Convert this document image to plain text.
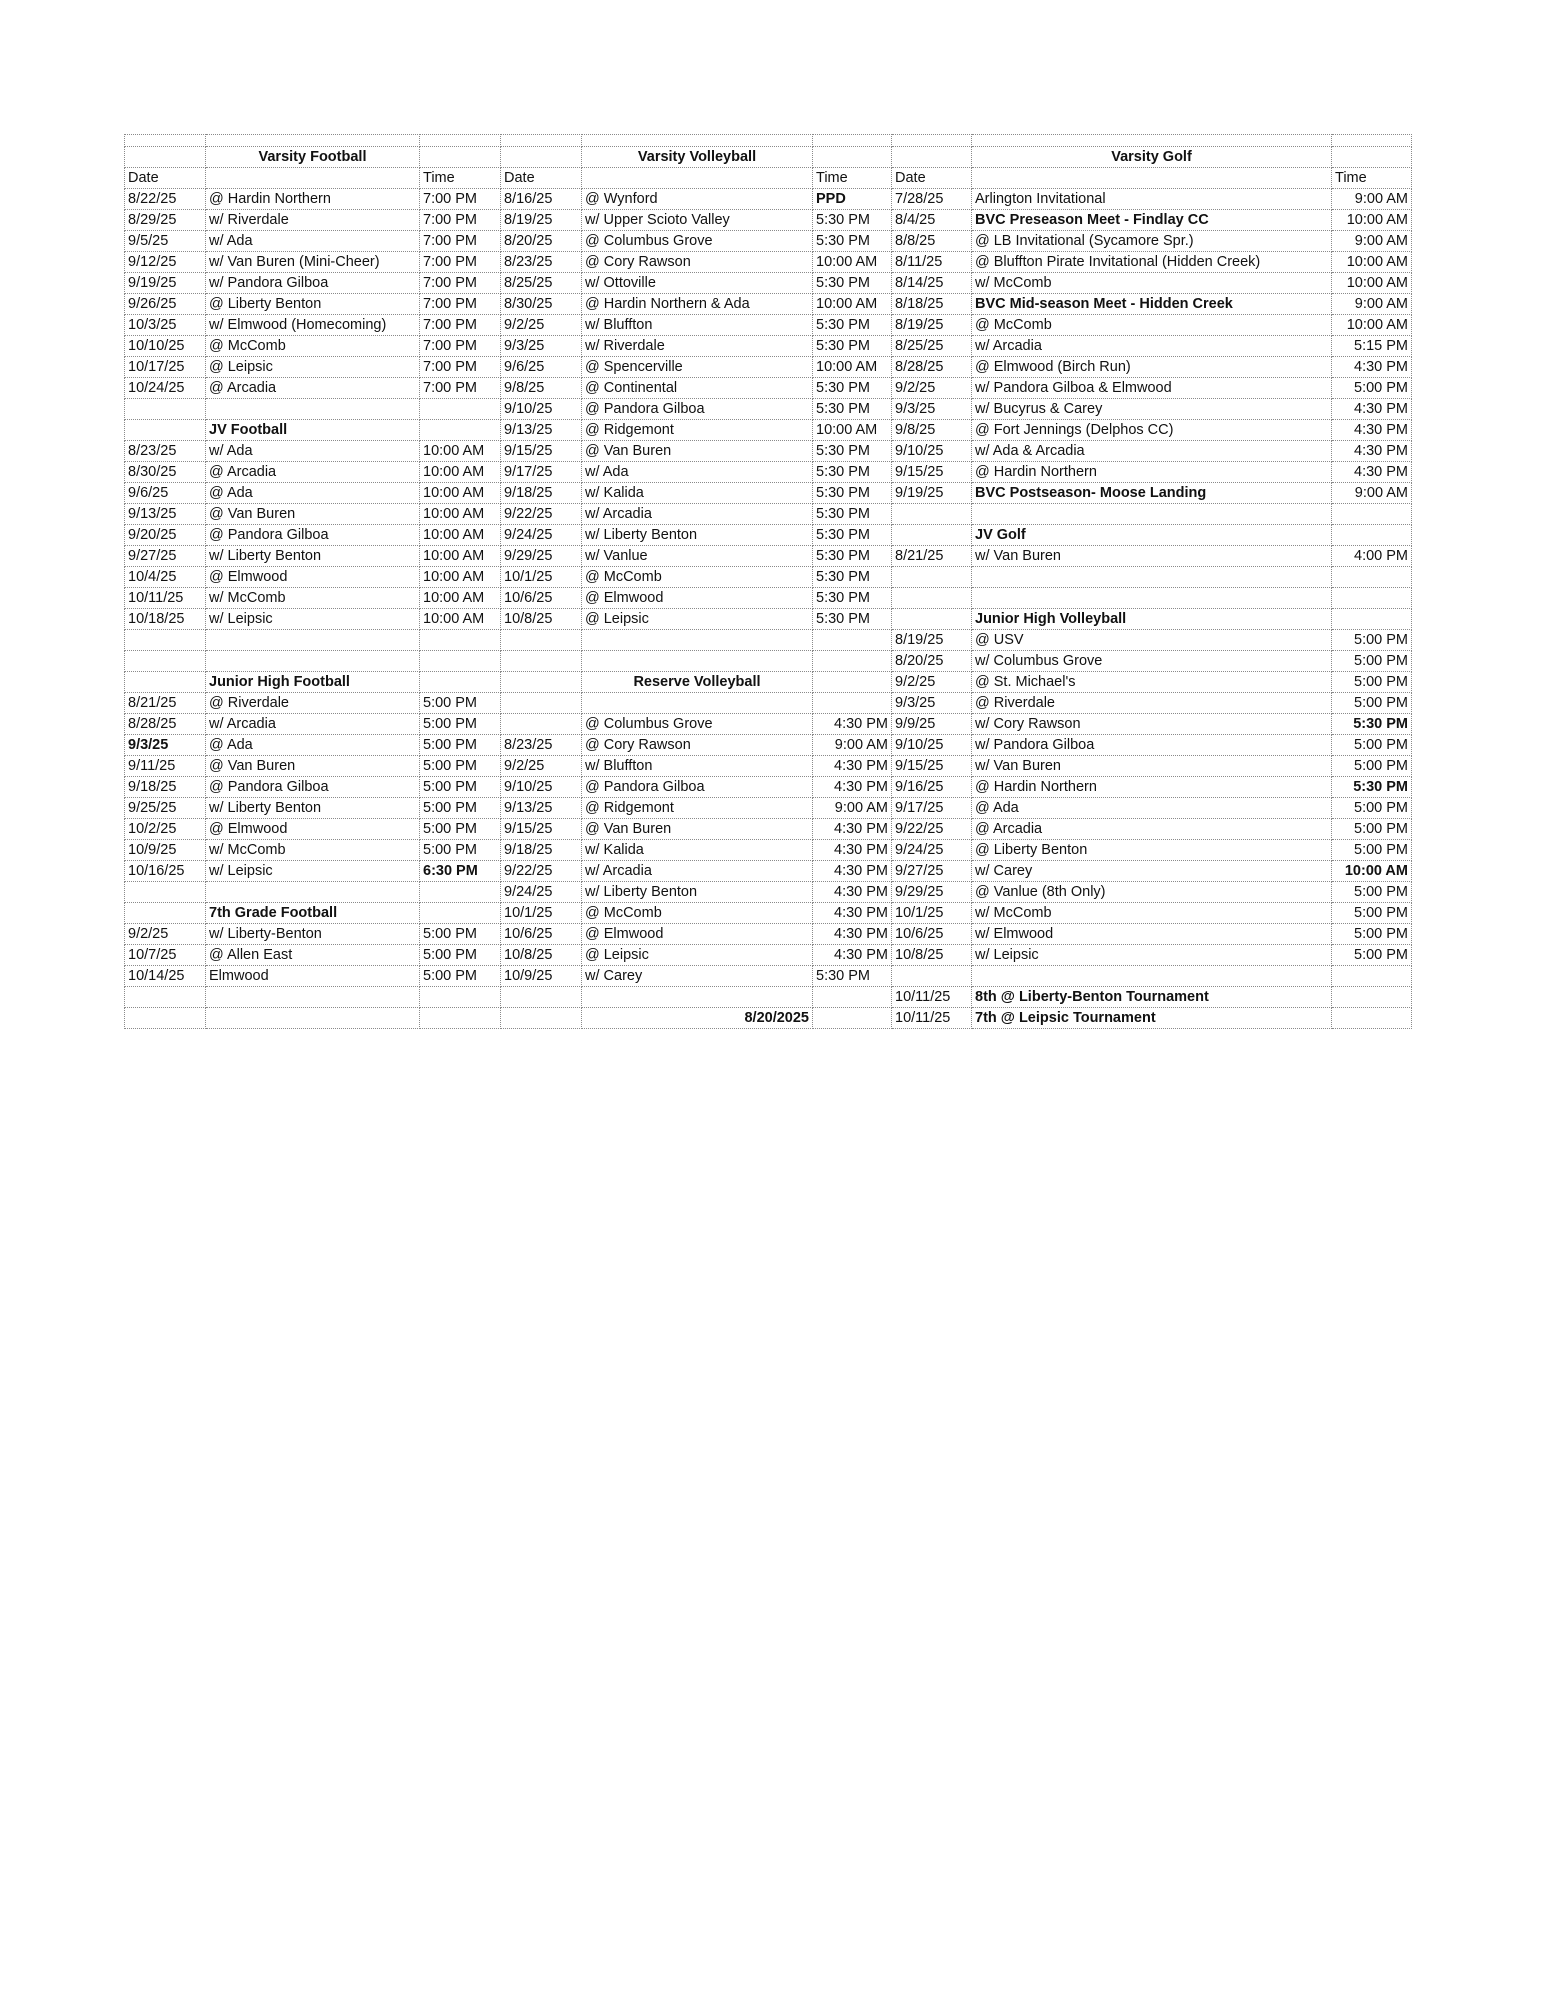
	Varsity Football			Varsity Volleyball			Varsity Golf	
Date		Time	Date		Time	Date		Time
8/22/25	@ Hardin Northern	7:00 PM	8/16/25	@ Wynford	PPD	7/28/25	Arlington Invitational	9:00 AM
8/29/25	w/ Riverdale	7:00 PM	8/19/25	w/ Upper Scioto Valley	5:30 PM	8/4/25	BVC Preseason Meet - Findlay CC	10:00 AM
9/5/25	w/ Ada	7:00 PM	8/20/25	@ Columbus Grove	5:30 PM	8/8/25	@ LB Invitational (Sycamore Spr.)	9:00 AM
9/12/25	w/ Van Buren (Mini-Cheer)	7:00 PM	8/23/25	@ Cory Rawson	10:00 AM	8/11/25	@ Bluffton Pirate Invitational (Hidden Creek)	10:00 AM
9/19/25	w/ Pandora Gilboa	7:00 PM	8/25/25	w/ Ottoville	5:30 PM	8/14/25	w/ McComb	10:00 AM
9/26/25	@ Liberty Benton	7:00 PM	8/30/25	@ Hardin Northern & Ada	10:00 AM	8/18/25	BVC Mid-season Meet - Hidden Creek	9:00 AM
10/3/25	w/ Elmwood (Homecoming)	7:00 PM	9/2/25	w/ Bluffton	5:30 PM	8/19/25	@ McComb	10:00 AM
10/10/25	@ McComb	7:00 PM	9/3/25	w/ Riverdale	5:30 PM	8/25/25	w/ Arcadia	5:15 PM
10/17/25	@ Leipsic	7:00 PM	9/6/25	@ Spencerville	10:00 AM	8/28/25	@ Elmwood (Birch Run)	4:30 PM
10/24/25	@ Arcadia	7:00 PM	9/8/25	@ Continental	5:30 PM	9/2/25	w/ Pandora Gilboa & Elmwood	5:00 PM
			9/10/25	@ Pandora Gilboa	5:30 PM	9/3/25	w/ Bucyrus & Carey	4:30 PM
	JV Football		9/13/25	@ Ridgemont	10:00 AM	9/8/25	@ Fort Jennings (Delphos CC)	4:30 PM
8/23/25	w/ Ada	10:00 AM	9/15/25	@ Van Buren	5:30 PM	9/10/25	w/ Ada & Arcadia	4:30 PM
8/30/25	@ Arcadia	10:00 AM	9/17/25	w/ Ada	5:30 PM	9/15/25	@ Hardin Northern	4:30 PM
9/6/25	@ Ada	10:00 AM	9/18/25	w/ Kalida	5:30 PM	9/19/25	BVC Postseason- Moose Landing	9:00 AM
9/13/25	@ Van Buren	10:00 AM	9/22/25	w/ Arcadia	5:30 PM			
9/20/25	@ Pandora Gilboa	10:00 AM	9/24/25	w/ Liberty Benton	5:30 PM		JV Golf	
9/27/25	w/ Liberty Benton	10:00 AM	9/29/25	w/ Vanlue	5:30 PM	8/21/25	w/ Van Buren	4:00 PM
10/4/25	@ Elmwood	10:00 AM	10/1/25	@ McComb	5:30 PM			
10/11/25	w/ McComb	10:00 AM	10/6/25	@ Elmwood	5:30 PM			
10/18/25	w/ Leipsic	10:00 AM	10/8/25	@ Leipsic	5:30 PM		Junior High Volleyball	
						8/19/25	@ USV	5:00 PM
						8/20/25	w/ Columbus Grove	5:00 PM
	Junior High Football			Reserve Volleyball		9/2/25	@ St. Michael's	5:00 PM
8/21/25	@ Riverdale	5:00 PM				9/3/25	@ Riverdale	5:00 PM
8/28/25	w/ Arcadia	5:00 PM		@ Columbus Grove	4:30 PM	9/9/25	w/ Cory Rawson	5:30 PM
9/3/25	@ Ada	5:00 PM	8/23/25	@ Cory Rawson	9:00 AM	9/10/25	w/ Pandora Gilboa	5:00 PM
9/11/25	@ Van Buren	5:00 PM	9/2/25	w/ Bluffton	4:30 PM	9/15/25	w/ Van Buren	5:00 PM
9/18/25	@ Pandora Gilboa	5:00 PM	9/10/25	@ Pandora Gilboa	4:30 PM	9/16/25	@ Hardin Northern	5:30 PM
9/25/25	w/ Liberty Benton	5:00 PM	9/13/25	@ Ridgemont	9:00 AM	9/17/25	@ Ada	5:00 PM
10/2/25	@ Elmwood	5:00 PM	9/15/25	@ Van Buren	4:30 PM	9/22/25	@ Arcadia	5:00 PM
10/9/25	w/ McComb	5:00 PM	9/18/25	w/ Kalida	4:30 PM	9/24/25	@ Liberty Benton	5:00 PM
10/16/25	w/ Leipsic	6:30 PM	9/22/25	w/ Arcadia	4:30 PM	9/27/25	w/ Carey	10:00 AM
			9/24/25	w/ Liberty Benton	4:30 PM	9/29/25	@ Vanlue (8th Only)	5:00 PM
	7th Grade Football		10/1/25	@ McComb	4:30 PM	10/1/25	w/ McComb	5:00 PM
9/2/25	w/ Liberty-Benton	5:00 PM	10/6/25	@ Elmwood	4:30 PM	10/6/25	w/ Elmwood	5:00 PM
10/7/25	@ Allen East	5:00 PM	10/8/25	@ Leipsic	4:30 PM	10/8/25	w/ Leipsic	5:00 PM
10/14/25	Elmwood	5:00 PM	10/9/25	w/ Carey	5:30 PM			
						10/11/25	8th @ Liberty-Benton Tournament	
				8/20/2025		10/11/25	7th @ Leipsic Tournament	
